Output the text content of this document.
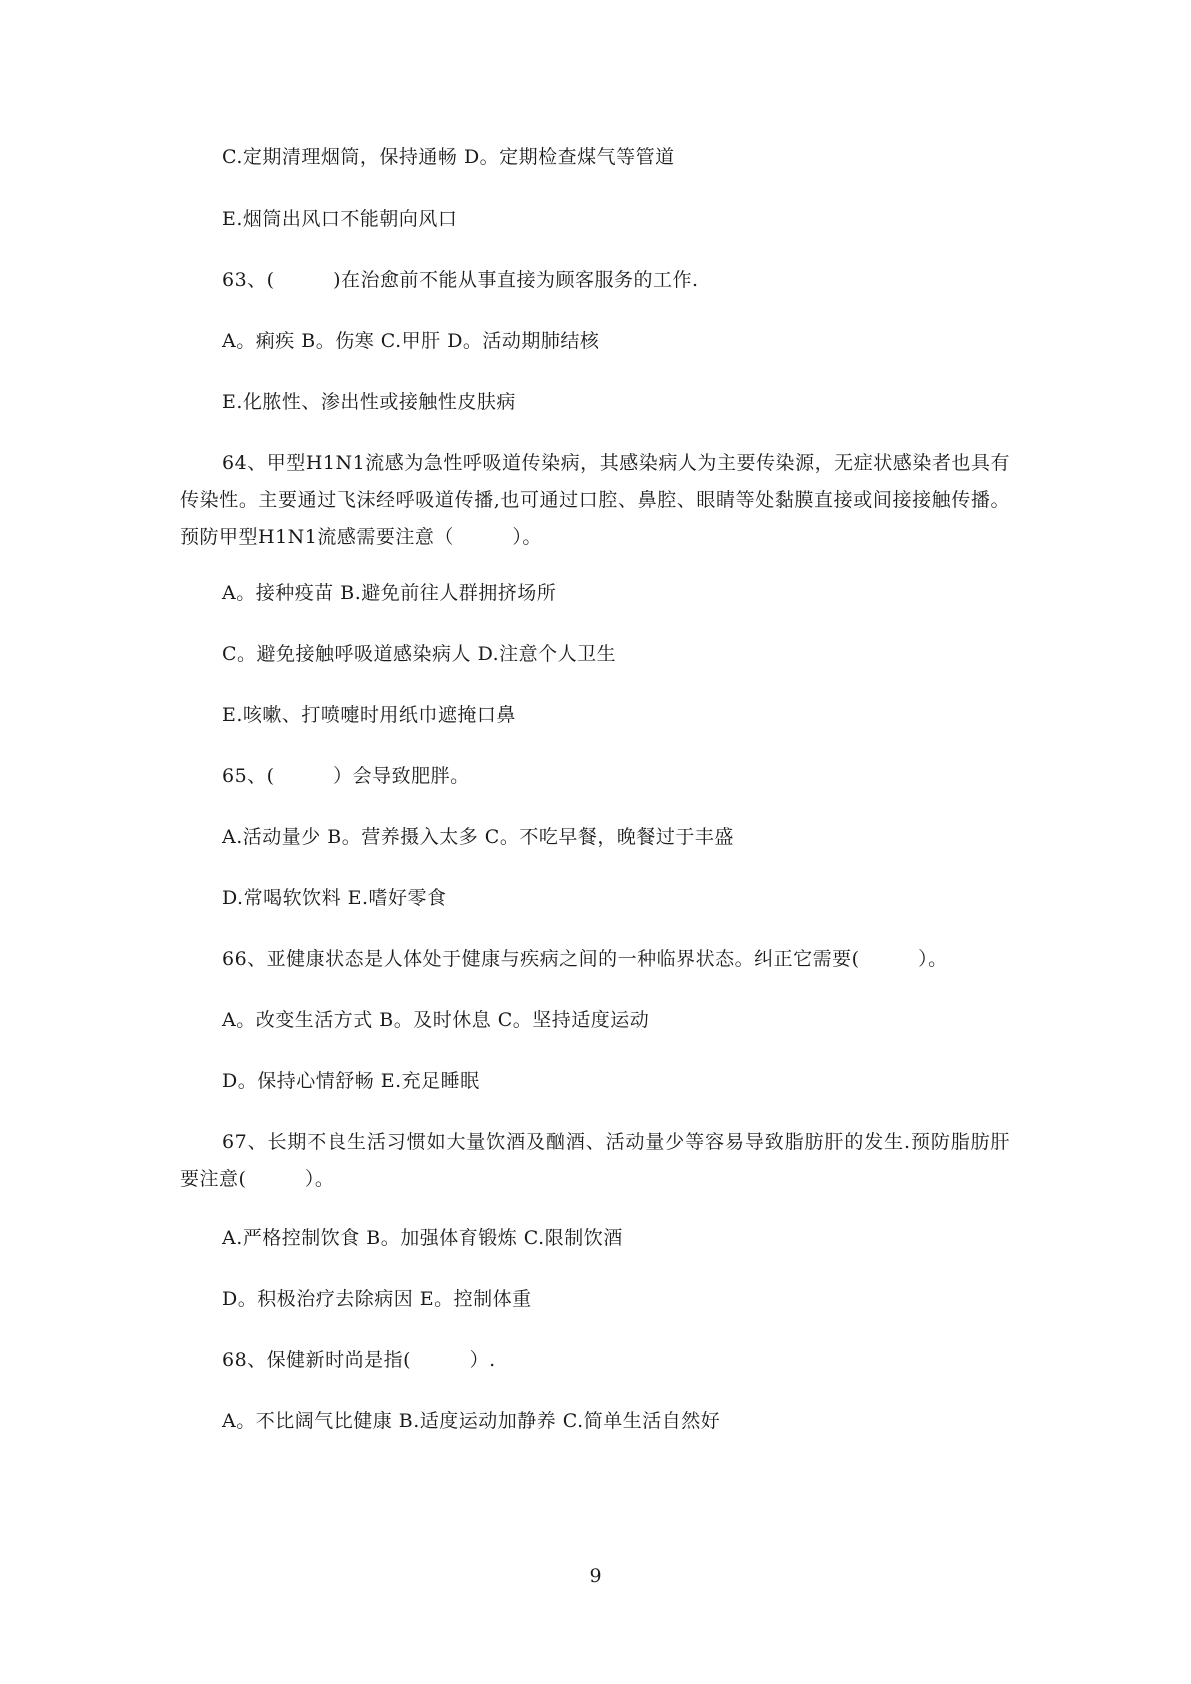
C.定期清理烟筒，保持通畅 D。定期检查煤气等管道
E.烟筒出风口不能朝向风口
63、(　　　)在治愈前不能从事直接为顾客服务的工作.
A。痢疾 B。伤寒 C.甲肝 D。活动期肺结核
E.化脓性、渗出性或接触性皮肤病
64、甲型H1N1流感为急性呼吸道传染病，其感染病人为主要传染源，无症状感染者也具有传染性。主要通过飞沫经呼吸道传播,也可通过口腔、鼻腔、眼睛等处黏膜直接或间接接触传播。预防甲型H1N1流感需要注意（　　　）。
A。接种疫苗 B.避免前往人群拥挤场所
C。避免接触呼吸道感染病人 D.注意个人卫生
E.咳嗽、打喷嚏时用纸巾遮掩口鼻
65、(　　　）会导致肥胖。
A.活动量少 B。营养摄入太多 C。不吃早餐，晚餐过于丰盛
D.常喝软饮料 E.嗜好零食
66、亚健康状态是人体处于健康与疾病之间的一种临界状态。纠正它需要(　　　）。
A。改变生活方式 B。及时休息 C。坚持适度运动
D。保持心情舒畅 E.充足睡眠
67、长期不良生活习惯如大量饮酒及酗酒、活动量少等容易导致脂肪肝的发生.预防脂肪肝要注意(　　　）。
A.严格控制饮食 B。加强体育锻炼 C.限制饮酒
D。积极治疗去除病因 E。控制体重
68、保健新时尚是指(　　　）.
A。不比阔气比健康 B.适度运动加静养 C.简单生活自然好
9
